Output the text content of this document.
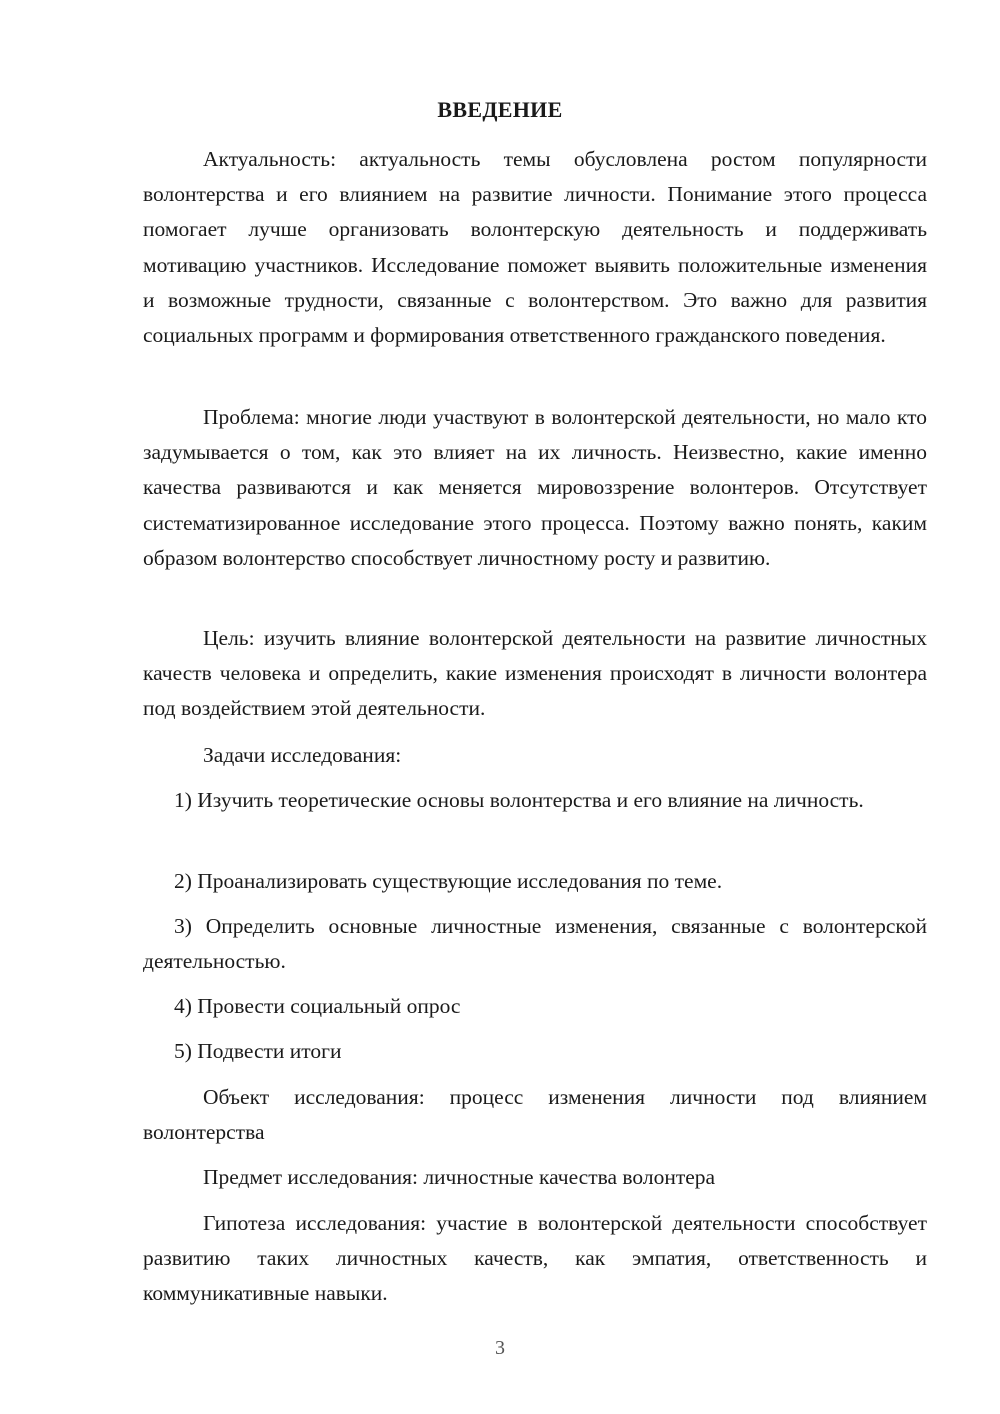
ВВЕДЕНИЕ

Актуальность: актуальность темы обусловлена ростом популярности волонтерства и его влиянием на развитие личности. Понимание этого процесса помогает лучше организовать волонтерскую деятельность и поддерживать мотивацию участников. Исследование поможет выявить положительные изменения и возможные трудности, связанные с волонтерством. Это важно для развития социальных программ и формирования ответственного гражданского поведения.

Проблема: многие люди участвуют в волонтерской деятельности, но мало кто задумывается о том, как это влияет на их личность. Неизвестно, какие именно качества развиваются и как меняется мировоззрение волонтеров. Отсутствует систематизированное исследование этого процесса. Поэтому важно понять, каким образом волонтерство способствует личностному росту и развитию.

Цель: изучить влияние волонтерской деятельности на развитие личностных качеств человека и определить, какие изменения происходят в личности волонтера под воздействием этой деятельности.

Задачи исследования:

1) Изучить теоретические основы волонтерства и его влияние на личность.

2) Проанализировать существующие исследования по теме.

3) Определить основные личностные изменения, связанные с волонтерской деятельностью.

4) Провести социальный опрос

5) Подвести итоги

Объект исследования: процесс изменения личности под влиянием волонтерства

Предмет исследования: личностные качества волонтера

Гипотеза исследования: участие в волонтерской деятельности способствует развитию таких личностных качеств, как эмпатия, ответственность и коммуникативные навыки.

3
